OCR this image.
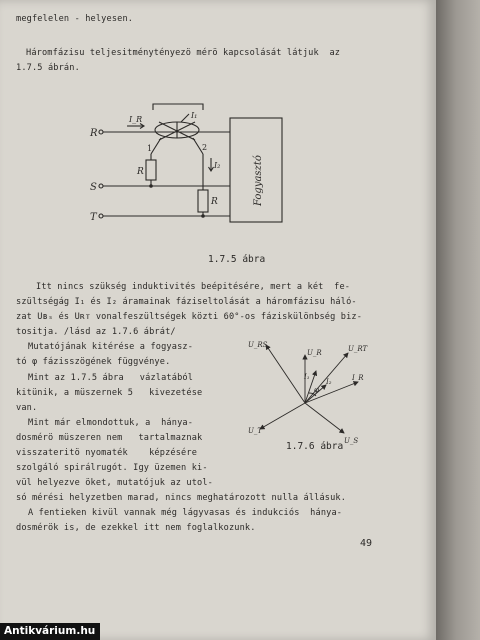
megfelelen - helyesen.
Háromfázisu teljesitménytényezö mérö kapcsolását látjuk  az
1.7.5 ábrán.
R
S
T
I_R	I₁
I₂
1	2
R
R	Fogyasztó
1.7.5 ábra
Itt nincs szükség induktivités beépitésére, mert a két  fe-
szültségág I₁ és I₂ áramainak fáziseltolását a háromfázisu háló-
zat Uʙₛ és Uʀᴛ vonalfeszültségek közti 60°-os fáziskülönbség biz-
tositja. /lásd az 1.7.6 ábrát/
Mutatójának kitérése a fogyasz-
tó φ fázisszögének függvénye.
Mint az 1.7.5 ábra   vázlatából
kitünik, a müszernek 5   kivezetése
van.
Mint már elmondottuk, a  hánya-
dosmérö müszeren nem   tartalmaznak
visszateritö nyomaték    képzésére
szolgáló spirálrugót. Igy üzemen ki-
vül helyezve öket, mutatójuk az utol-
só mérési helyzetben marad, nincs meghatározott nulla állásuk.
A fentieken kivül vannak még lágyvasas és indukciós  hánya-
dosmérök is, de ezekkel itt nem foglalkozunk.
U_RS
U_R	U_RT
I₁
I₂	I_R
φ
U_T
U_S
1.7.6 ábra
49
Antikvárium.hu
